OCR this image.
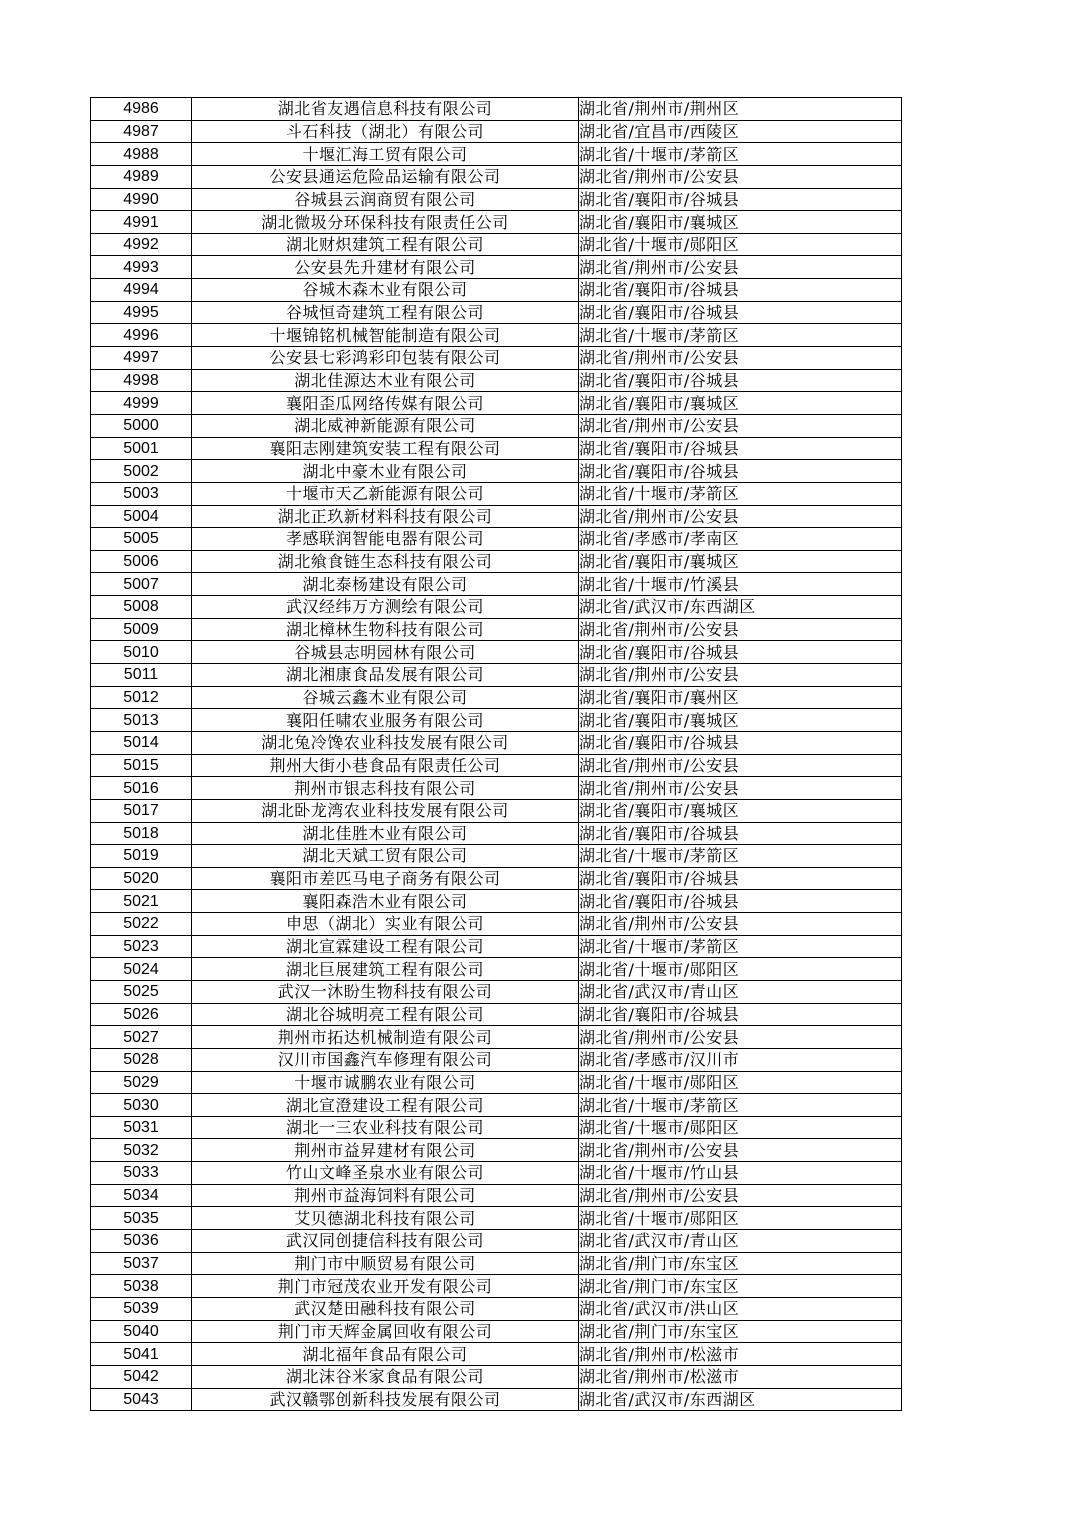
4986	湖北省友遇信息科技有限公司	湖北省/荆州市/荆州区
4987	斗石科技（湖北）有限公司	湖北省/宜昌市/西陵区
4988	十堰汇海工贸有限公司	湖北省/十堰市/茅箭区
4989	公安县通运危险品运输有限公司	湖北省/荆州市/公安县
4990	谷城县云润商贸有限公司	湖北省/襄阳市/谷城县
4991	湖北微圾分环保科技有限责任公司	湖北省/襄阳市/襄城区
4992	湖北财炽建筑工程有限公司	湖北省/十堰市/郧阳区
4993	公安县先升建材有限公司	湖北省/荆州市/公安县
4994	谷城木森木业有限公司	湖北省/襄阳市/谷城县
4995	谷城恒奇建筑工程有限公司	湖北省/襄阳市/谷城县
4996	十堰锦铭机械智能制造有限公司	湖北省/十堰市/茅箭区
4997	公安县七彩鸿彩印包装有限公司	湖北省/荆州市/公安县
4998	湖北佳源达木业有限公司	湖北省/襄阳市/谷城县
4999	襄阳歪瓜网络传媒有限公司	湖北省/襄阳市/襄城区
5000	湖北威神新能源有限公司	湖北省/荆州市/公安县
5001	襄阳志刚建筑安装工程有限公司	湖北省/襄阳市/谷城县
5002	湖北中豪木业有限公司	湖北省/襄阳市/谷城县
5003	十堰市天乙新能源有限公司	湖北省/十堰市/茅箭区
5004	湖北正玖新材料科技有限公司	湖北省/荆州市/公安县
5005	孝感联润智能电器有限公司	湖北省/孝感市/孝南区
5006	湖北飨食链生态科技有限公司	湖北省/襄阳市/襄城区
5007	湖北泰杨建设有限公司	湖北省/十堰市/竹溪县
5008	武汉经纬万方测绘有限公司	湖北省/武汉市/东西湖区
5009	湖北樟林生物科技有限公司	湖北省/荆州市/公安县
5010	谷城县志明园林有限公司	湖北省/襄阳市/谷城县
5011	湖北湘康食品发展有限公司	湖北省/荆州市/公安县
5012	谷城云鑫木业有限公司	湖北省/襄阳市/襄州区
5013	襄阳任啸农业服务有限公司	湖北省/襄阳市/襄城区
5014	湖北兔冷馋农业科技发展有限公司	湖北省/襄阳市/谷城县
5015	荆州大街小巷食品有限责任公司	湖北省/荆州市/公安县
5016	荆州市银志科技有限公司	湖北省/荆州市/公安县
5017	湖北卧龙湾农业科技发展有限公司	湖北省/襄阳市/襄城区
5018	湖北佳胜木业有限公司	湖北省/襄阳市/谷城县
5019	湖北天斌工贸有限公司	湖北省/十堰市/茅箭区
5020	襄阳市差匹马电子商务有限公司	湖北省/襄阳市/谷城县
5021	襄阳森浩木业有限公司	湖北省/襄阳市/谷城县
5022	申思（湖北）实业有限公司	湖北省/荆州市/公安县
5023	湖北宣霖建设工程有限公司	湖北省/十堰市/茅箭区
5024	湖北巨展建筑工程有限公司	湖北省/十堰市/郧阳区
5025	武汉一沐盼生物科技有限公司	湖北省/武汉市/青山区
5026	湖北谷城明亮工程有限公司	湖北省/襄阳市/谷城县
5027	荆州市拓达机械制造有限公司	湖北省/荆州市/公安县
5028	汉川市国鑫汽车修理有限公司	湖北省/孝感市/汉川市
5029	十堰市诚鹏农业有限公司	湖北省/十堰市/郧阳区
5030	湖北宣澄建设工程有限公司	湖北省/十堰市/茅箭区
5031	湖北一三农业科技有限公司	湖北省/十堰市/郧阳区
5032	荆州市益昇建材有限公司	湖北省/荆州市/公安县
5033	竹山文峰圣泉水业有限公司	湖北省/十堰市/竹山县
5034	荆州市益海饲料有限公司	湖北省/荆州市/公安县
5035	艾贝德湖北科技有限公司	湖北省/十堰市/郧阳区
5036	武汉同创捷信科技有限公司	湖北省/武汉市/青山区
5037	荆门市中顺贸易有限公司	湖北省/荆门市/东宝区
5038	荆门市冠茂农业开发有限公司	湖北省/荆门市/东宝区
5039	武汉楚田融科技有限公司	湖北省/武汉市/洪山区
5040	荆门市天辉金属回收有限公司	湖北省/荆门市/东宝区
5041	湖北福年食品有限公司	湖北省/荆州市/松滋市
5042	湖北沫谷米家食品有限公司	湖北省/荆州市/松滋市
5043	武汉赣鄂创新科技发展有限公司	湖北省/武汉市/东西湖区
